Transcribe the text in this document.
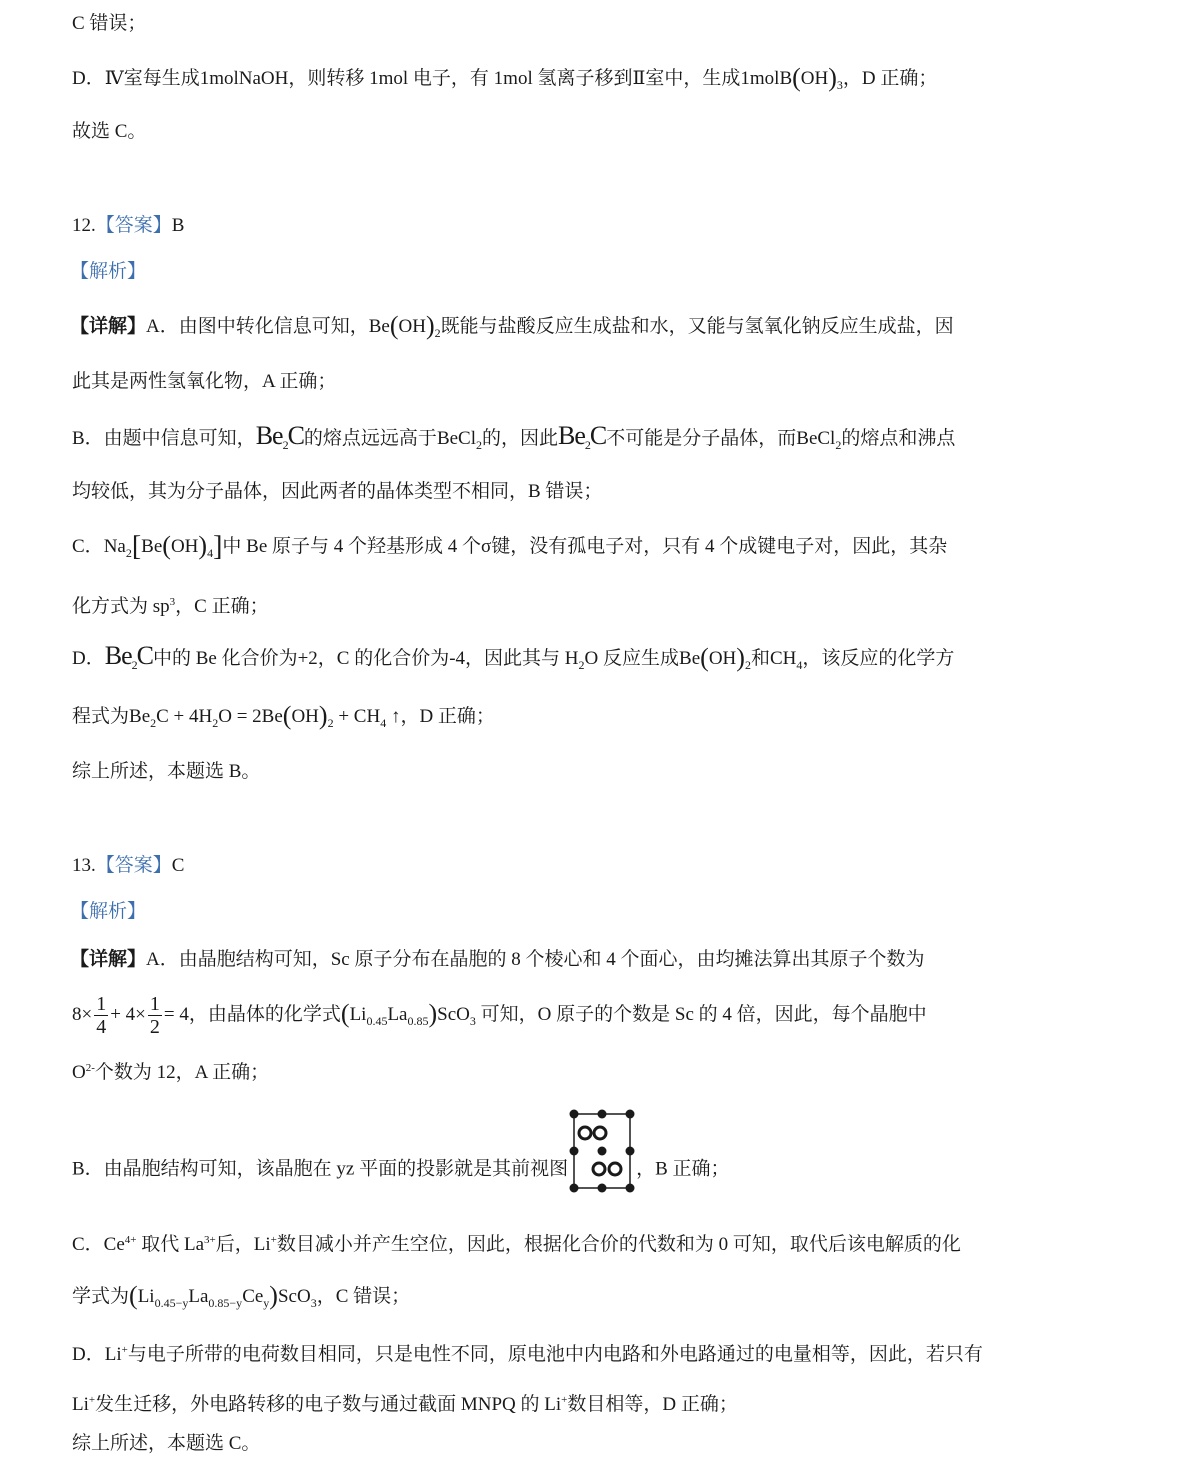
C 错误；
D．Ⅳ室每生成1molNaOH，则转移 1mol 电子，有 1mol 氢离子移到Ⅱ室中，生成$1molB(OH)_3$，D 正确；
故选 C。
12.【答案】B
【解析】
【详解】A．由图中转化信息可知，$Be(OH)_2$既能与盐酸反应生成盐和水，又能与氢氧化钠反应生成盐，因
此其是两性氢氧化物，A 正确；
B．由题中信息可知，$Be_2C$的熔点远远高于BeCl$_2$的，因此$Be_2C$不可能是分子晶体，而BeCl$_2$的熔点和沸点
均较低，其为分子晶体，因此两者的晶体类型不相同，B 错误；
C．$Na_2[Be(OH)_4]$中 Be 原子与 4 个羟基形成 4 个σ键，没有孤电子对，只有 4 个成键电子对，因此，其杂
化方式为 $sp^3$，C 正确；
D．$Be_2C$中的 Be 化合价为+2，C 的化合价为-4，因此其与 $H_2O$ 反应生成$Be(OH)_2$和$CH_4$，该反应的化学方
程式为$Be_2C + 4H_2O = 2Be(OH)_2 + CH_4$ ↑，D 正确；
综上所述，本题选 B。
13.【答案】C
【解析】
【详解】A．由晶胞结构可知，Sc 原子分布在晶胞的 8 个棱心和 4 个面心，由均摊法算出其原子个数为
$8\times \frac{1}{4} + 4\times \frac{1}{2} = 4$，由晶体的化学式$(Li_{0.45}La_{0.85})ScO_3$ 可知，O 原子的个数是 Sc 的 4 倍，因此，每个晶胞中
$O^{2-}$个数为 12，A 正确；
B．由晶胞结构可知，该晶胞在 yz 平面的投影就是其前视图	，B 正确；
C．$Ce^{4+}$ 取代 $La^{3+}$后，Li+数目减小并产生空位，因此，根据化合价的代数和为 0 可知，取代后该电解质的化
学式为$(Li_{0.45-y}La_{0.85-y}Ce_y)ScO_3$，C 错误；
D．Li+与电子所带的电荷数目相同，只是电性不同，原电池中内电路和外电路通过的电量相等，因此，若只有
Li+发生迁移，外电路转移的电子数与通过截面 MNPQ 的 Li+数目相等，D 正确；
综上所述，本题选 C。
